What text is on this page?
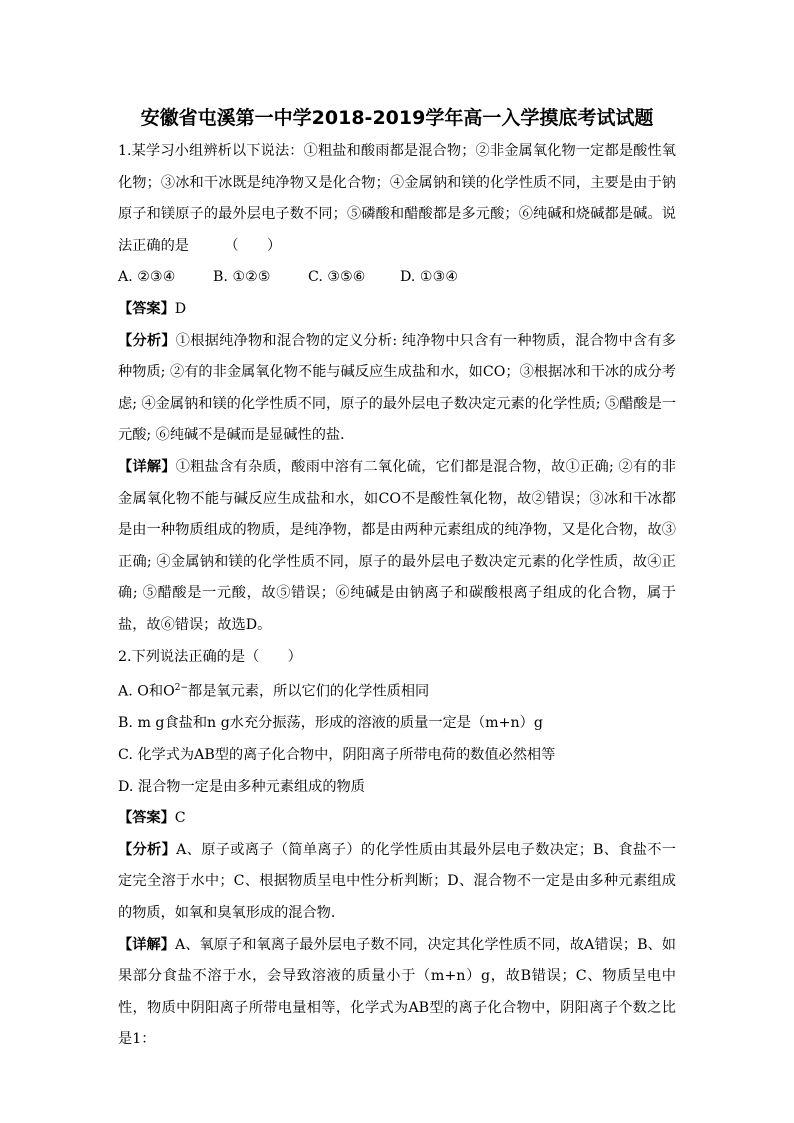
安徽省屯溪第一中学2018-2019学年高一入学摸底考试试题

1.某学习小组辨析以下说法：①粗盐和酸雨都是混合物；②非金属氧化物一定都是酸性氧化物；③冰和干冰既是纯净物又是化合物；④金属钠和镁的化学性质不同，主要是由于钠原子和镁原子的最外层电子数不同；⑤磷酸和醋酸都是多元酸；⑥纯碱和烧碱都是碱。说法正确的是　　　（　　）

A. ②③④	B. ①②⑤	C. ③⑤⑥ D. ①③④

【答案】D

【分析】①根据纯净物和混合物的定义分析: 纯净物中只含有一种物质，混合物中含有多种物质; ②有的非金属氧化物不能与碱反应生成盐和水，如CO；③根据冰和干冰的成分考虑; ④金属钠和镁的化学性质不同，原子的最外层电子数决定元素的化学性质; ⑤醋酸是一元酸; ⑥纯碱不是碱而是显碱性的盐．

【详解】①粗盐含有杂质，酸雨中溶有二氧化硫，它们都是混合物，故①正确; ②有的非金属氧化物不能与碱反应生成盐和水，如CO不是酸性氧化物，故②错误；③冰和干冰都是由一种物质组成的物质，是纯净物，都是由两种元素组成的纯净物，又是化合物，故③正确; ④金属钠和镁的化学性质不同，原子的最外层电子数决定元素的化学性质，故④正确; ⑤醋酸是一元酸，故⑤错误；⑥纯碱是由钠离子和碳酸根离子组成的化合物，属于盐，故⑥错误；故选D。

2.下列说法正确的是（　　）

A. O和$O^{2-}$都是氧元素，所以它们的化学性质相同

B. m g食盐和n g水充分振荡，形成的溶液的质量一定是（m+n）g

C. 化学式为AB型的离子化合物中，阴阳离子所带电荷的数值必然相等

D. 混合物一定是由多种元素组成的物质

【答案】C

【分析】A、原子或离子（简单离子）的化学性质由其最外层电子数决定；B、食盐不一定完全溶于水中；C、根据物质呈电中性分析判断；D、混合物不一定是由多种元素组成的物质，如氧和臭氧形成的混合物．

【详解】A、氧原子和氧离子最外层电子数不同，决定其化学性质不同，故A错误；B、如果部分食盐不溶于水，会导致溶液的质量小于（m+n）g，故B错误；C、物质呈电中性，物质中阴阳离子所带电量相等，化学式为AB型的离子化合物中，阴阳离子个数之比是1：
